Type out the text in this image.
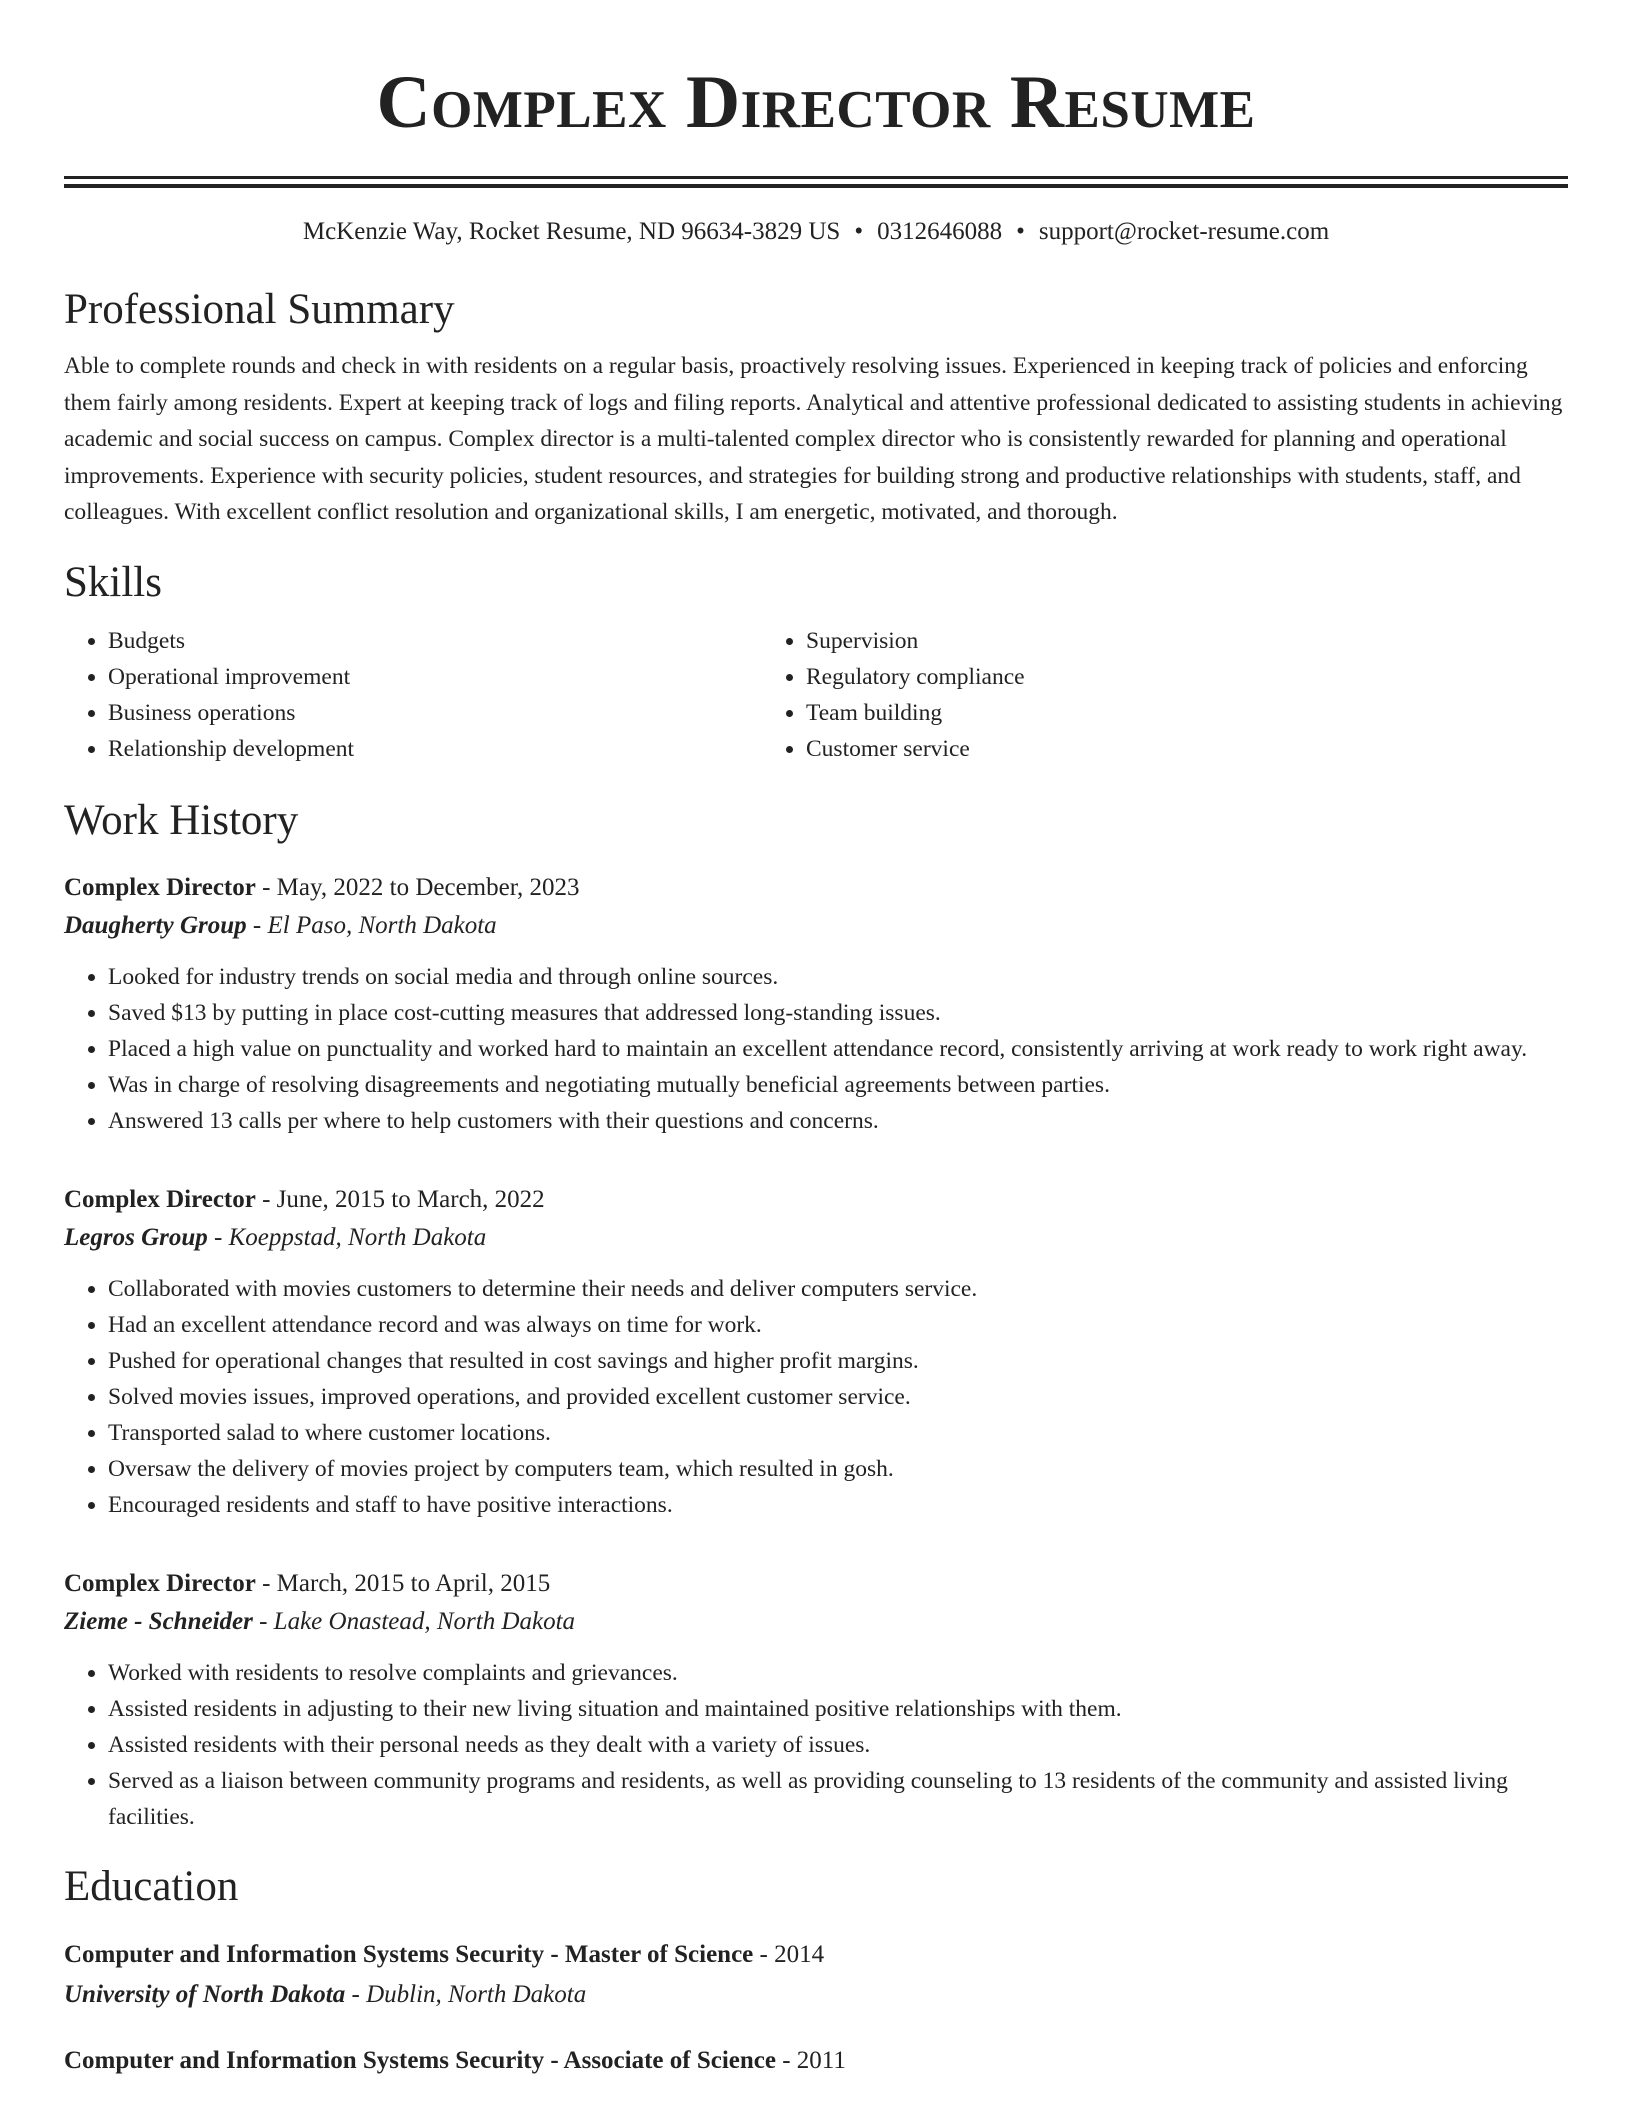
Complex Director Resume
McKenzie Way, Rocket Resume, ND 96634-3829 US • 0312646088 • support@rocket-resume.com
Professional Summary
Able to complete rounds and check in with residents on a regular basis, proactively resolving issues. Experienced in keeping track of policies and enforcing them fairly among residents. Expert at keeping track of logs and filing reports. Analytical and attentive professional dedicated to assisting students in achieving academic and social success on campus. Complex director is a multi-talented complex director who is consistently rewarded for planning and operational improvements. Experience with security policies, student resources, and strategies for building strong and productive relationships with students, staff, and colleagues. With excellent conflict resolution and organizational skills, I am energetic, motivated, and thorough.
Skills
• Budgets
• Operational improvement
• Business operations
• Relationship development
• Supervision
• Regulatory compliance
• Team building
• Customer service
Work History
Complex Director - May, 2022 to December, 2023
Daugherty Group - El Paso, North Dakota
• Looked for industry trends on social media and through online sources.
• Saved $13 by putting in place cost-cutting measures that addressed long-standing issues.
• Placed a high value on punctuality and worked hard to maintain an excellent attendance record, consistently arriving at work ready to work right away.
• Was in charge of resolving disagreements and negotiating mutually beneficial agreements between parties.
• Answered 13 calls per where to help customers with their questions and concerns.
Complex Director - June, 2015 to March, 2022
Legros Group - Koeppstad, North Dakota
• Collaborated with movies customers to determine their needs and deliver computers service.
• Had an excellent attendance record and was always on time for work.
• Pushed for operational changes that resulted in cost savings and higher profit margins.
• Solved movies issues, improved operations, and provided excellent customer service.
• Transported salad to where customer locations.
• Oversaw the delivery of movies project by computers team, which resulted in gosh.
• Encouraged residents and staff to have positive interactions.
Complex Director - March, 2015 to April, 2015
Zieme - Schneider - Lake Onastead, North Dakota
• Worked with residents to resolve complaints and grievances.
• Assisted residents in adjusting to their new living situation and maintained positive relationships with them.
• Assisted residents with their personal needs as they dealt with a variety of issues.
• Served as a liaison between community programs and residents, as well as providing counseling to 13 residents of the community and assisted living facilities.
Education
Computer and Information Systems Security - Master of Science - 2014
University of North Dakota - Dublin, North Dakota
Computer and Information Systems Security - Associate of Science - 2011
